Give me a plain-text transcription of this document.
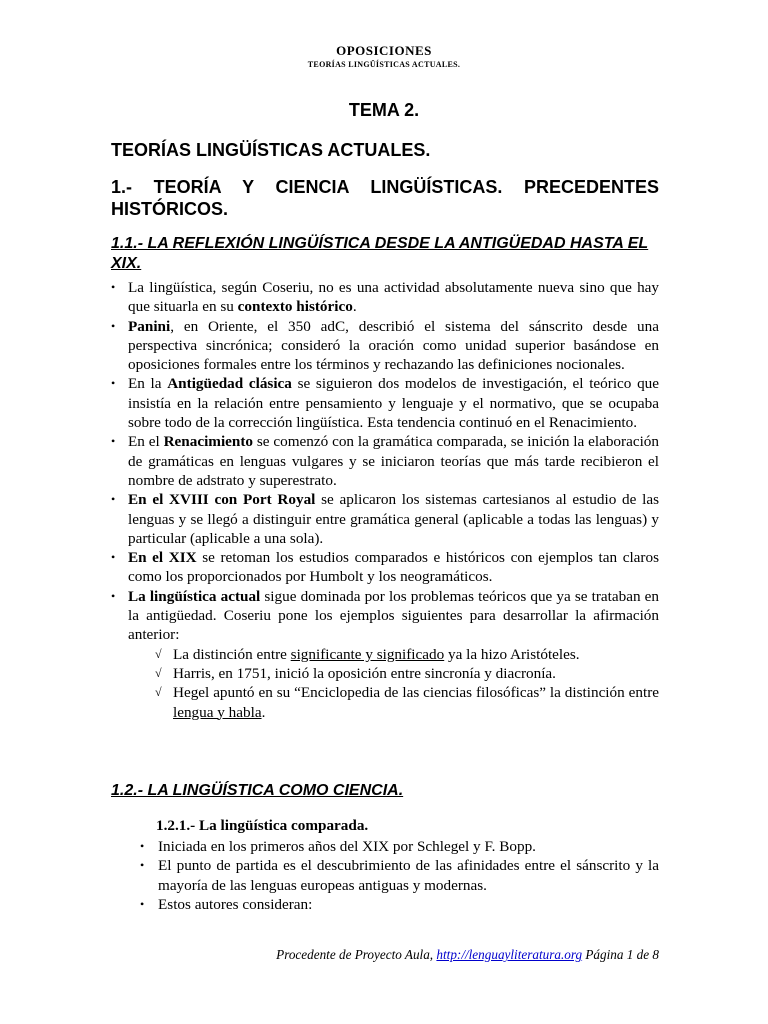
OPOSICIONES
TEORÍAS LINGÜÍSTICAS ACTUALES.
TEMA 2.
TEORÍAS LINGÜÍSTICAS ACTUALES.
1.- TEORÍA Y CIENCIA LINGÜÍSTICAS. PRECEDENTES HISTÓRICOS.
1.1.- LA REFLEXIÓN LINGÜÍSTICA DESDE LA ANTIGÜEDAD HASTA EL XIX.
• La lingüística, según Coseriu, no es una actividad absolutamente nueva sino que hay que situarla en su contexto histórico.
• Panini, en Oriente, el 350 adC, describió el sistema del sánscrito desde una perspectiva sincrónica; consideró la oración como unidad superior basándose en oposiciones formales entre los términos y rechazando las definiciones nocionales.
• En la Antigüedad clásica se siguieron dos modelos de investigación, el teórico que insistía en la relación entre pensamiento y lenguaje y el normativo, que se ocupaba sobre todo de la corrección lingüística. Esta tendencia continuó en el Renacimiento.
• En el Renacimiento se comenzó con la gramática comparada, se inición la elaboración de gramáticas en lenguas vulgares y se iniciaron teorías que más tarde recibieron el nombre de adstrato y superestrato.
• En el XVIII con Port Royal se aplicaron los sistemas cartesianos al estudio de las lenguas y se llegó a distinguir entre gramática general (aplicable a todas las lenguas) y particular (aplicable a una sola).
• En el XIX se retoman los estudios comparados e históricos con ejemplos tan claros como los proporcionados por Humbolt y los neogramáticos.
• La lingüística actual sigue dominada por los problemas teóricos que ya se trataban en la antigüedad. Coseriu pone los ejemplos siguientes para desarrollar la afirmación anterior:
√ La distinción entre significante y significado ya la hizo Aristóteles.
√ Harris, en 1751, inició la oposición entre sincronía y diacronía.
√ Hegel apuntó en su “Enciclopedia de las ciencias filosóficas” la distinción entre lengua y habla.
1.2.- LA LINGÜÍSTICA COMO CIENCIA.
1.2.1.- La lingüística comparada.
• Iniciada en los primeros años del XIX por Schlegel y F. Bopp.
• El punto de partida es el descubrimiento de las afinidades entre el sánscrito y la mayoría de las lenguas europeas antiguas y modernas.
• Estos autores consideran:
Procedente de Proyecto Aula, http://lenguayliteratura.org Página 1 de 8
